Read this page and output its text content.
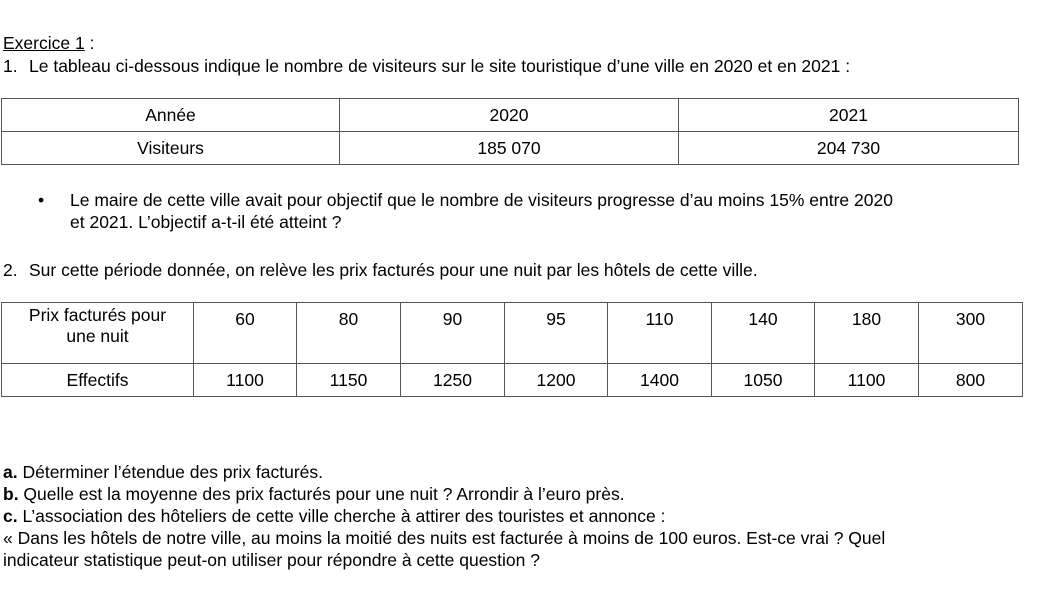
Exercice 1 :
1. Le tableau ci-dessous indique le nombre de visiteurs sur le site touristique d’une ville en 2020 et en 2021 :
Année	2020	2021
Visiteurs	185 070	204 730
• Le maire de cette ville avait pour objectif que le nombre de visiteurs progresse d’au moins 15% entre 2020
et 2021. L’objectif a-t-il été atteint ?
2. Sur cette période donnée, on relève les prix facturés pour une nuit par les hôtels de cette ville.
Prix facturés pour
une nuit	60	80	90	95	110	140	180	300
Effectifs	1100	1150	1250	1200	1400	1050	1100	800

a. Déterminer l’étendue des prix facturés.

b. Quelle est la moyenne des prix facturés pour une nuit ? Arrondir à l’euro près.

c. L’association des hôteliers de cette ville cherche à attirer des touristes et annonce :

« Dans les hôtels de notre ville, au moins la moitié des nuits est facturée à moins de 100 euros. Est-ce vrai ? Quel

indicateur statistique peut-on utiliser pour répondre à cette question ?
